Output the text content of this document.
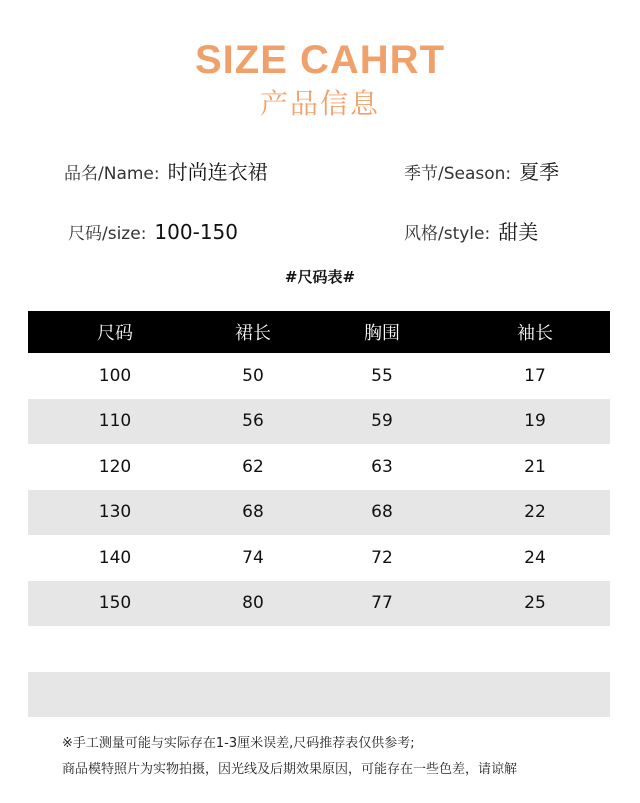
SIZE CAHRT
产品信息
品名/Name: 时尚连衣裙	季节/Season: 夏季
尺码/size: 100-150	风格/style: 甜美
#尺码表#
尺码	裙长	胸围	袖长
100	50	55	17
110	56	59	19
120	62	63	21
130	68	68	22
140	74	72	24
150	80	77	25
※手工测量可能与实际存在1-3厘米误差,尺码推荐表仅供参考;
商品模特照片为实物拍摄，因光线及后期效果原因，可能存在一些色差，请谅解
